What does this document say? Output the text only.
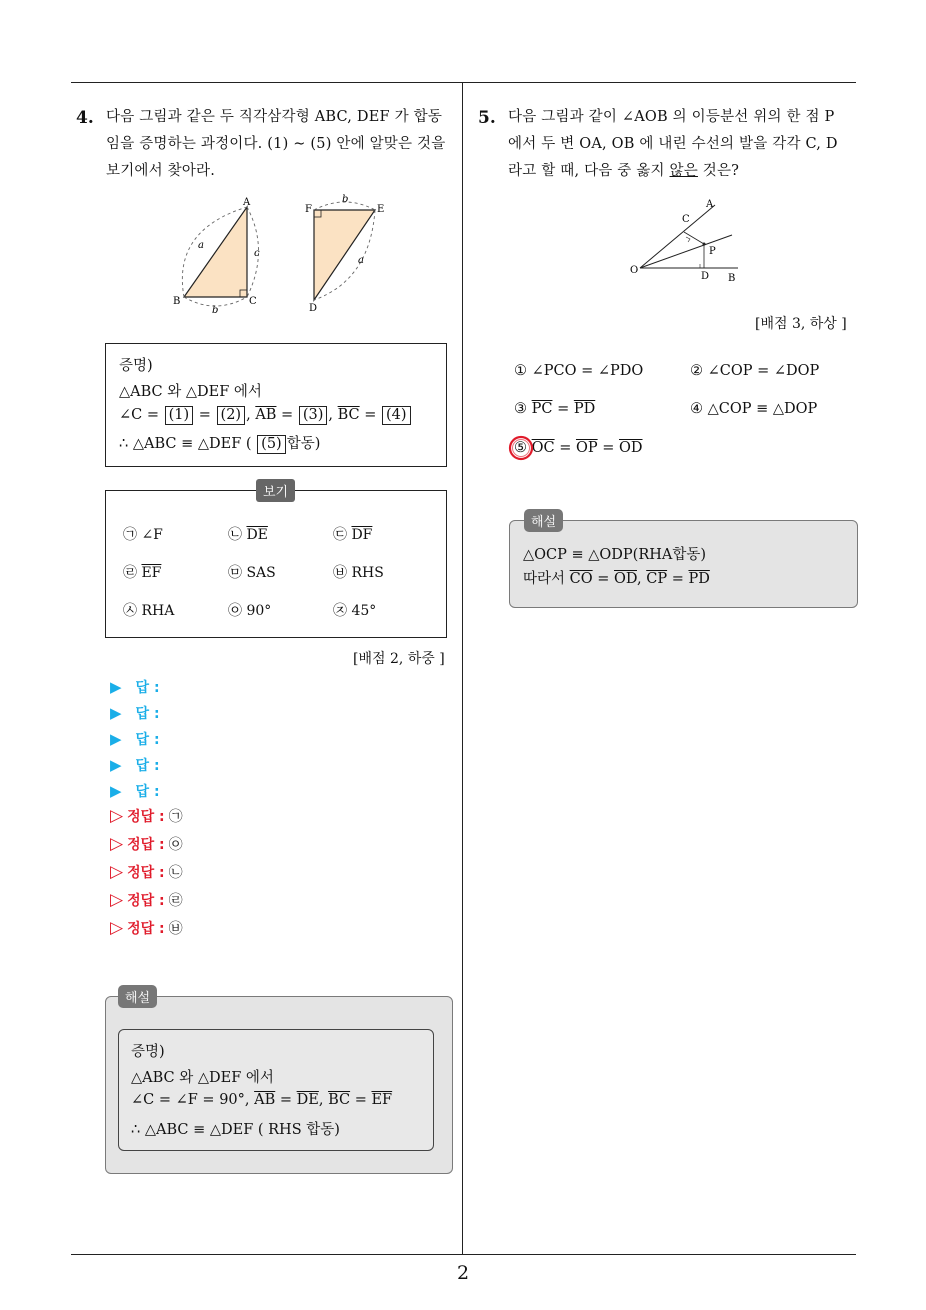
2
4. 다음 그림과 같은 두 직각삼각형 ABC, DEF 가 합동
임을 증명하는 과정이다. (1) ∼ (5) 안에 알맞은 것을
보기에서 찾아라.
A
B	C
a
c
b
F	E
D
b
a
증명)
△ABC 와 △DEF 에서
∠C = (1) = (2) , $\overline{AB} = (3)$ , $\overline{BC} = (4)$
∴ △ABC ≡ △DEF ( (5) 합동)
보기
㉠ ∠F	㉡ $\overline{DE}$	㉢ $\overline{DF}$
㉣ $\overline{EF}$	㉤ SAS	㉥ RHS
㉦ RHA	㉧ 90°	㉨ 45°
[배점 2, 하중 ]
▶ 답 :
▶ 답 :
▶ 답 :
▶ 답 :
▶ 답 :
▷ 정답 : ㉠
▷ 정답 : ㉧
▷ 정답 : ㉡
▷ 정답 : ㉣
▷ 정답 : ㉥
해설
증명)
△ABC 와 △DEF 에서
∠C = ∠F = 90°, $\overline{AB} = \overline{DE}$, $\overline{BC} = \overline{EF}$
∴ △ABC ≡ △DEF ( RHS 합동)
5. 다음 그림과 같이 ∠AOB 의 이등분선 위의 한 점 P
에서 두 변 OA, OB 에 내린 수선의 발을 각각 C, D
라고 할 때, 다음 중 옳지 않은 것은?
O
A
B
C
D
P
[배점 3, 하상 ]
① ∠PCO = ∠PDO	② ∠COP = ∠DOP
③ $\overline{PC} = \overline{PD}$	④ △COP ≡ △DOP
⑤ $\overline{OC} = \overline{OP} = \overline{OD}$
해설
△OCP ≡ △ODP(RHA합동)
따라서 $\overline{CO} = \overline{OD}$, $\overline{CP} = \overline{PD}$
